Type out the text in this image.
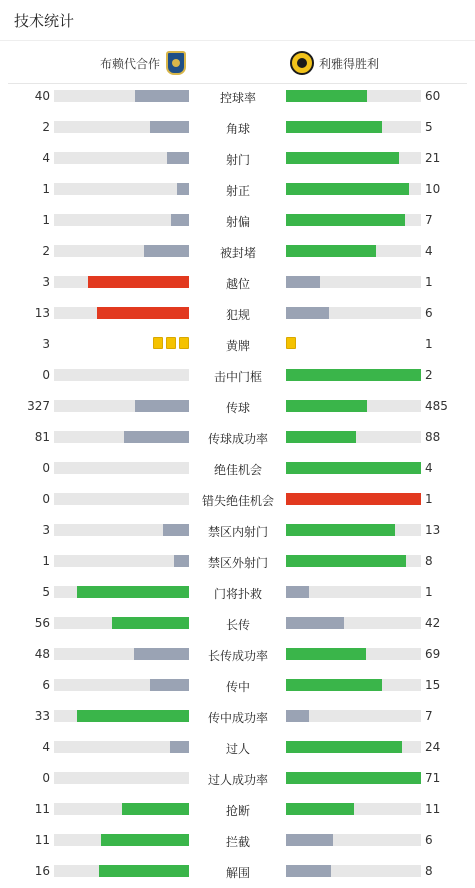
技术统计
布赖代合作	利雅得胜利
40	控球率	60
2	角球	5
4	射门	21
1	射正	10
1	射偏	7
2	被封堵	4
3	越位	1
13	犯规	6
3	黄牌	1
0	击中门框	2
327	传球	485
81	传球成功率	88
0	绝佳机会	4
0	错失绝佳机会	1
3	禁区内射门	13
1	禁区外射门	8
5	门将扑救	1
56	长传	42
48	长传成功率	69
6	传中	15
33	传中成功率	7
4	过人	24
0	过人成功率	71
11	抢断	11
11	拦截	6
16	解围	8
